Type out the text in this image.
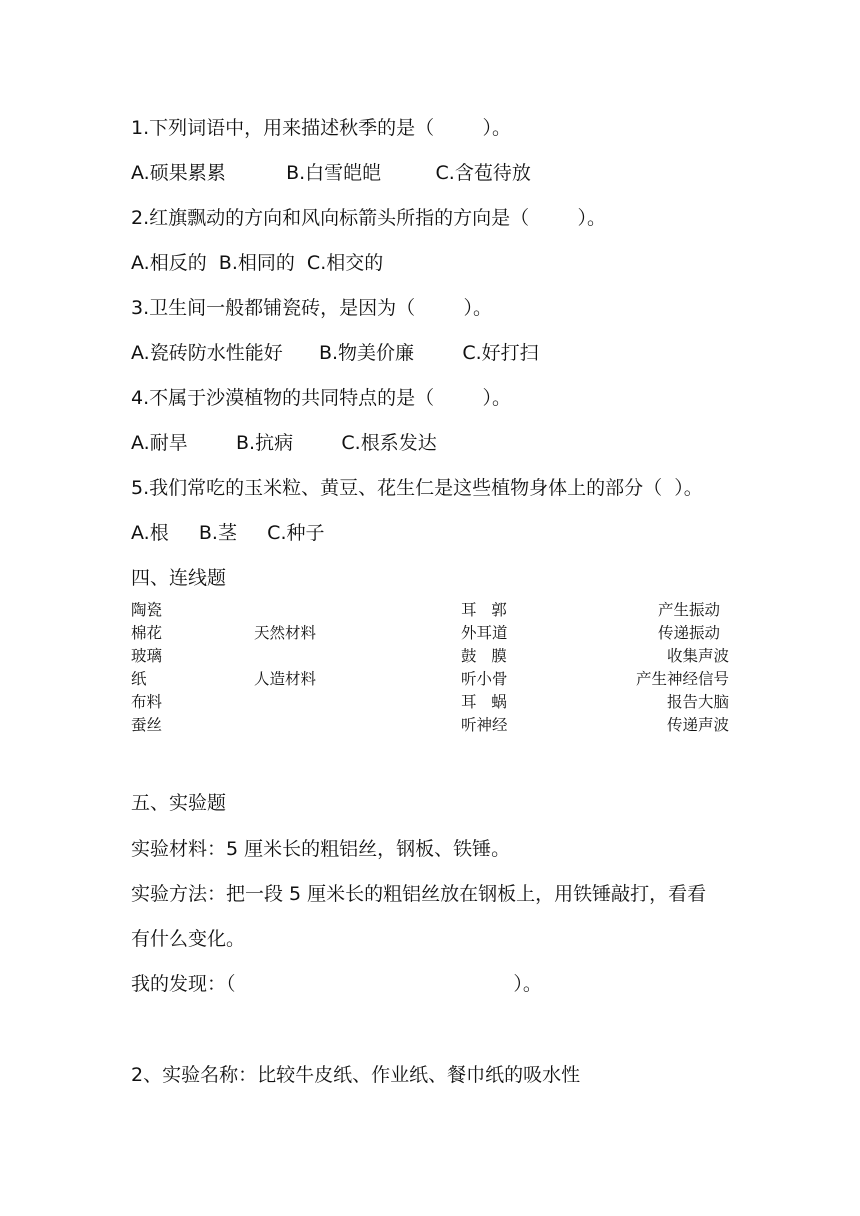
1.下列词语中，用来描述秋季的是（        ）。
A.硕果累累          B.白雪皑皑         C.含苞待放
2.红旗飘动的方向和风向标箭头所指的方向是（        ）。
A.相反的  B.相同的  C.相交的
3.卫生间一般都铺瓷砖，是因为（        ）。
A.瓷砖防水性能好      B.物美价廉        C.好打扫
4.不属于沙漠植物的共同特点的是（        ）。
A.耐旱        B.抗病        C.根系发达
5.我们常吃的玉米粒、黄豆、花生仁是这些植物身体上的部分（  ）。
A.根     B.茎     C.种子
四、连线题
陶瓷
棉花
玻璃
纸
布料
蚕丝
天然材料
人造材料
耳   郭
外耳道
鼓   膜
听小骨
耳   蜗
听神经
产生振动
传递振动
收集声波
产生神经信号
报告大脑
传递声波
五、实验题
实验材料：5 厘米长的粗铝丝，钢板、铁锤。
实验方法：把一段 5 厘米长的粗铝丝放在钢板上，用铁锤敲打，看看
有什么变化。
我的发现：（                                              ）。
2、实验名称：比较牛皮纸、作业纸、餐巾纸的吸水性
